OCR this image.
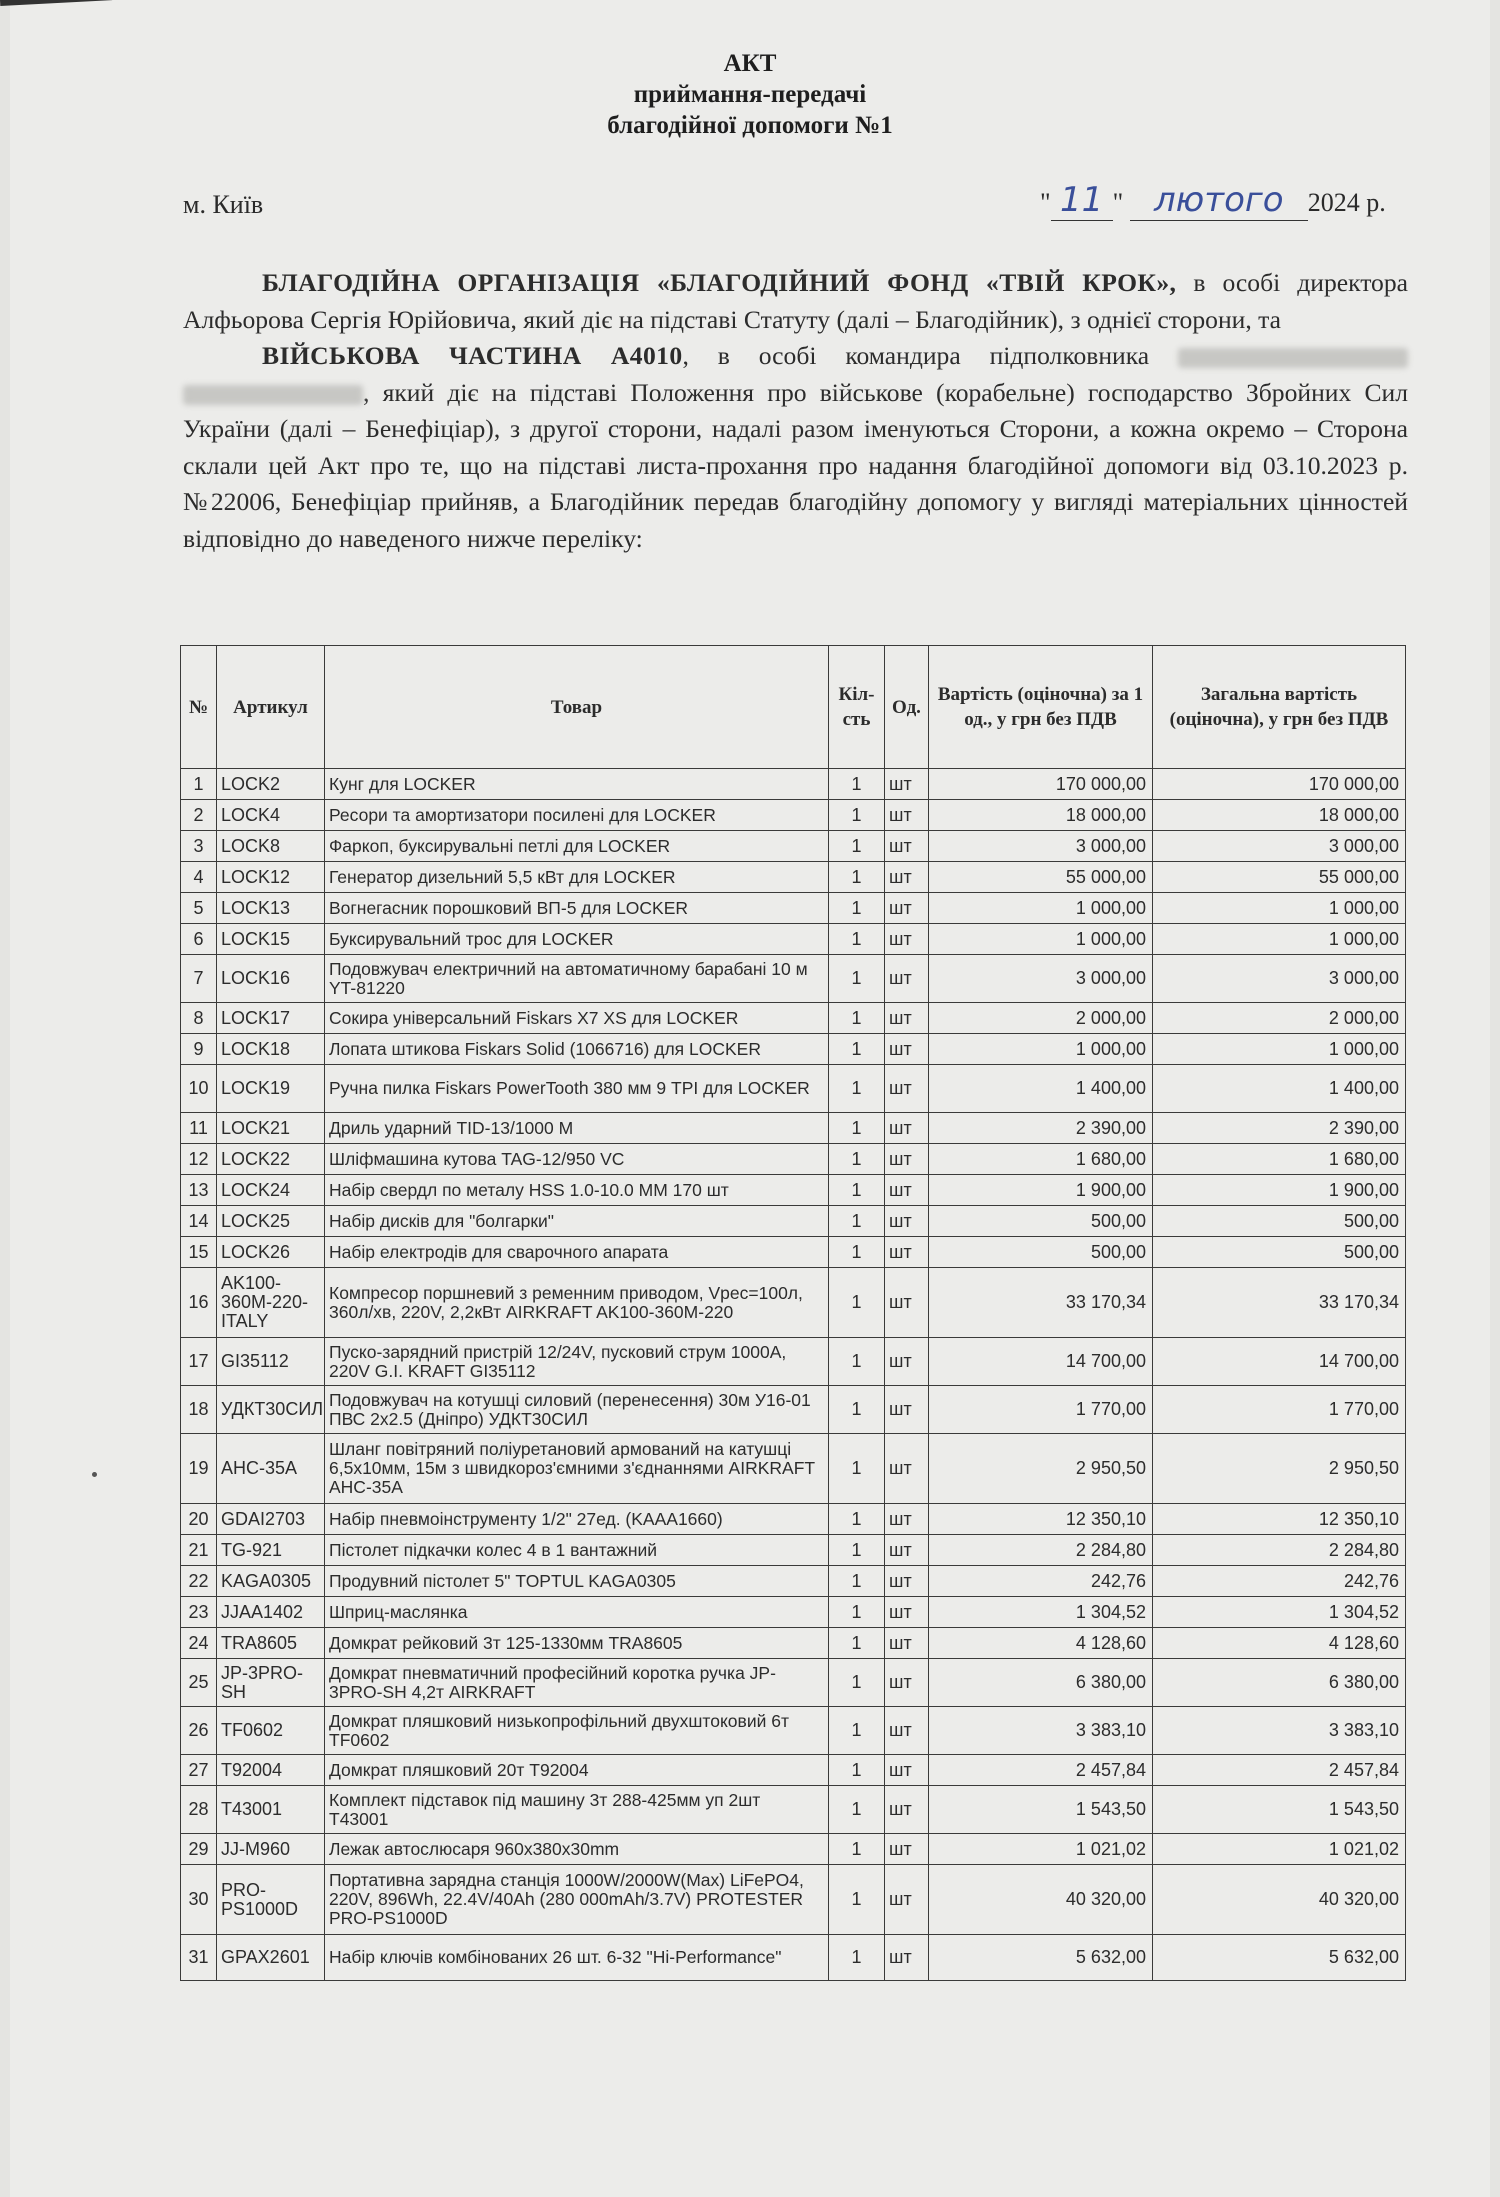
АКТ
приймання-передачі
благодійної допомоги №1
м. Київ	" 11 " лютого 2024 р.

БЛАГОДІЙНА ОРГАНІЗАЦІЯ «БЛАГОДІЙНИЙ ФОНД «ТВІЙ КРОК», в особі директора Алфьорова Сергія Юрійовича, який діє на підставі Статуту (далі – Благодійник), з однієї сторони, та

ВІЙСЬКОВА ЧАСТИНА А4010, в особі командира підполковника  , який діє на підставі Положення про військове (корабельне) господарство Збройних Сил України (далі – Бенефіціар), з другої сторони, надалі разом іменуються Сторони, а кожна окремо – Сторона склали цей Акт про те, що на підставі листа-прохання про надання благодійної допомоги від 03.10.2023 р. №22006, Бенефіціар прийняв, а Благодійник передав благодійну допомогу у вигляді матеріальних цінностей відповідно до наведеного нижче переліку:

№	Артикул	Товар	Кіл-сть	Од.	Вартість (оціночна) за 1 од., у грн без ПДВ	Загальна вартість (оціночна), у грн без ПДВ
1	LOCK2	Кунг для LOCKER	1	шт	170 000,00	170 000,00
2	LOCK4	Ресори та амортизатори посилені для LOCKER	1	шт	18 000,00	18 000,00
3	LOCK8	Фаркоп, буксирувальні петлі для LOCKER	1	шт	3 000,00	3 000,00
4	LOCK12	Генератор дизельний 5,5 кВт для LOCKER	1	шт	55 000,00	55 000,00
5	LOCK13	Вогнегасник порошковий ВП-5 для LOCKER	1	шт	1 000,00	1 000,00
6	LOCK15	Буксирувальний трос для LOCKER	1	шт	1 000,00	1 000,00
7	LOCK16	Подовжувач електричний на автоматичному барабані 10 м YT-81220	1	шт	3 000,00	3 000,00
8	LOCK17	Сокира універсальний Fiskars X7 XS для LOCKER	1	шт	2 000,00	2 000,00
9	LOCK18	Лопата штикова Fiskars Solid (1066716) для LOCKER	1	шт	1 000,00	1 000,00
10	LOCK19	Ручна пилка Fiskars PowerTooth 380 мм 9 TPI для LOCKER	1	шт	1 400,00	1 400,00
11	LOCK21	Дриль ударний TID-13/1000 M	1	шт	2 390,00	2 390,00
12	LOCK22	Шліфмашина кутова TAG-12/950 VC	1	шт	1 680,00	1 680,00
13	LOCK24	Набір свердл по металу HSS 1.0-10.0 ММ 170 шт	1	шт	1 900,00	1 900,00
14	LOCK25	Набір дисків для "болгарки"	1	шт	500,00	500,00
15	LOCK26	Набір електродів для сварочного апарата	1	шт	500,00	500,00
16	AK100-360M-220-ITALY	Компресор поршневий з ременним приводом, Vрес=100л, 360л/хв, 220V, 2,2кВт AIRKRAFT AK100-360M-220	1	шт	33 170,34	33 170,34
17	GI35112	Пуско-зарядний пристрій 12/24V, пусковий струм 1000A, 220V G.I. KRAFT GI35112	1	шт	14 700,00	14 700,00
18	УДКТ30СИЛ	Подовжувач на котушці силовий (перенесення) 30м У16-01 ПВС 2х2.5 (Дніпро) УДКТ30СИЛ	1	шт	1 770,00	1 770,00
19	AHC-35A	Шланг повітряний поліуретановий армований на катушці 6,5х10мм, 15м з швидкороз'ємними з'єднаннями AIRKRAFT AHC-35A	1	шт	2 950,50	2 950,50
20	GDAI2703	Набір пневмоінструменту 1/2" 27ед. (KAAA1660)	1	шт	12 350,10	12 350,10
21	TG-921	Пістолет підкачки колес 4 в 1 вантажний	1	шт	2 284,80	2 284,80
22	KAGA0305	Продувний пістолет 5" TOPTUL KAGA0305	1	шт	242,76	242,76
23	JJAA1402	Шприц-маслянка	1	шт	1 304,52	1 304,52
24	TRA8605	Домкрат рейковий 3т 125-1330мм TRA8605	1	шт	4 128,60	4 128,60
25	JP-3PRO-SH	Домкрат пневматичний професійний коротка ручка JP-3PRO-SH 4,2т AIRKRAFT	1	шт	6 380,00	6 380,00
26	TF0602	Домкрат пляшковий низькопрофільний двухштоковий 6т TF0602	1	шт	3 383,10	3 383,10
27	T92004	Домкрат пляшковий 20т T92004	1	шт	2 457,84	2 457,84
28	T43001	Комплект підставок під машину 3т 288-425мм уп 2шт T43001	1	шт	1 543,50	1 543,50
29	JJ-M960	Лежак автослюсаря 960х380х30mm	1	шт	1 021,02	1 021,02
30	PRO-PS1000D	Портативна зарядна станція 1000W/2000W(Max) LiFePO4, 220V, 896Wh, 22.4V/40Ah (280 000mAh/3.7V) PROTESTER PRO-PS1000D	1	шт	40 320,00	40 320,00
31	GPAX2601	Набір ключів комбінованих 26 шт. 6-32 "Hi-Performance"	1	шт	5 632,00	5 632,00
